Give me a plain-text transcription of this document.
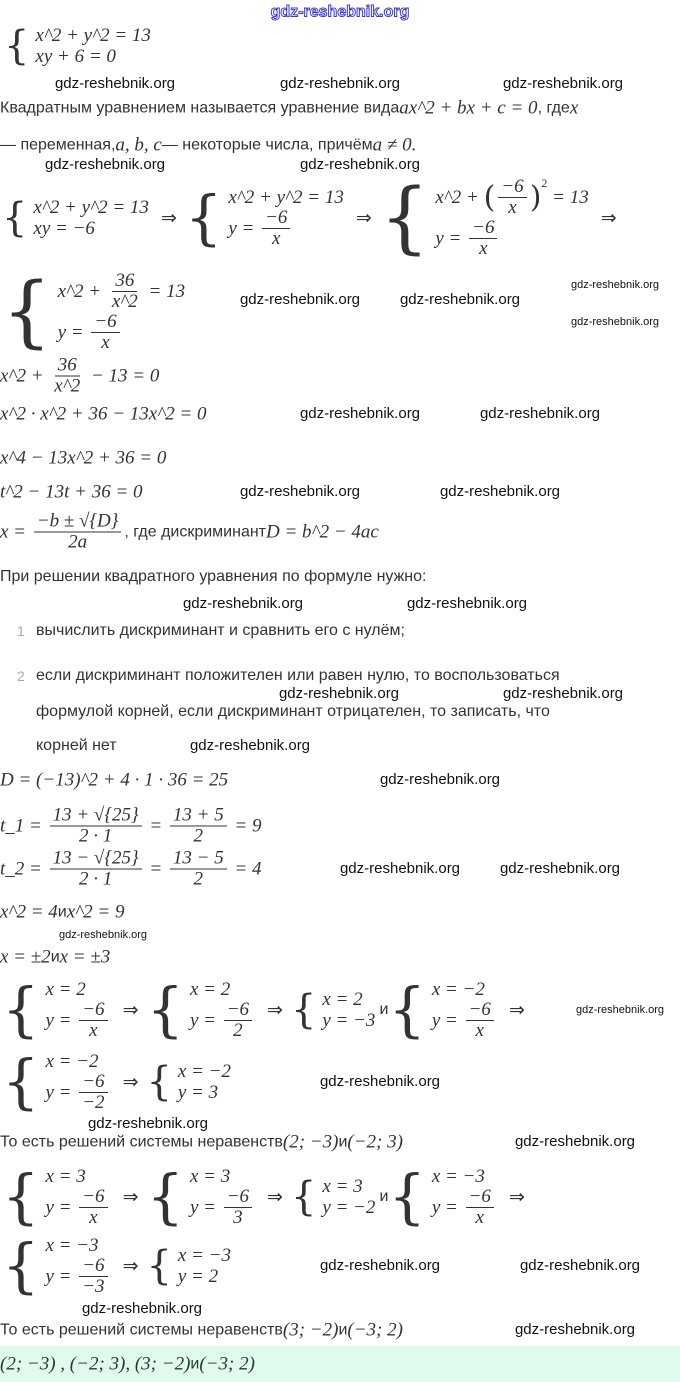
{ x^2 + y^2 = 13
xy + 6 = 0
Квадратным уравнением называется уравнение вида ax^2 + bx + c = 0 , где x
— переменная, a, b, c — некоторые числа, причём a ≠ 0.
{ x^2 + y^2 = 13
xy = −6	⇒ { x^2 + y^2 = 13
$y = \frac{-6}{x}$	⇒ { x^2 + ( $\frac{-6}{x}$ ) 2
= 13
$y = \frac{-6}{x}$	⇒
{ x^2 + $\frac{36}{x\^{}2} = 13$
$y = \frac{-6}{x}$
x^2 + $\frac{36}{x\^{}2} - 13 = 0$
x^2 · x^2 + 36 − 13x^2 = 0
x^4 − 13x^2 + 36 = 0
t^2 − 13t + 36 = 0
$x = \frac{-b \pm √\{D\}}{2a}$ , где дискриминант D = b^2 − 4ac
При решении квадратного уравнения по формуле нужно:
D = (−13)^2 + 4 · 1 · 36 = 25
t_1 = $\frac{13 + √\{25\}}{2 \cdot 1} = \frac{13 + 5}{2} = 9$
t_2 = $\frac{13 - √\{25\}}{2 \cdot 1} = \frac{13 - 5}{2} = 4$
x^2 = 4 и x^2 = 9
x = ±2 и x = ±3
{ x = 2
$y = \frac{-6}{x}$ ⇒ { x = 2
$y = \frac{-6}{2}$ ⇒ { x = 2
y = −3
и { x = −2
$y = \frac{-6}{x}$ ⇒
{ x = −2
$y = \frac{-6}{-2}$ ⇒ { x = −2
y = 3
То есть решений системы неравенств (2; −3) и (−2; 3)
{ x = 3
$y = \frac{-6}{x}$ ⇒ { x = 3
$y = \frac{-6}{3}$ ⇒ { x = 3
y = −2
и { x = −3
$y = \frac{-6}{x}$ ⇒
{ x = −3
$y = \frac{-6}{-3}$ ⇒ { x = −3
y = 2
То есть решений системы неравенств (3; −2) и (−3; 2)
(2; −3) , (−2; 3), (3; −2) и (−3; 2)
1 вычислить дискриминант и сравнить его с нулём;
2 если дискриминант положителен или равен нулю, то воспользоваться
формулой корней, если дискриминант отрицателен, то записать, что
корней нет
gdz-reshebnik.org
gdz-reshebnik.org	gdz-reshebnik.org	gdz-reshebnik.org
gdz-reshebnik.org	gdz-reshebnik.org
gdz-reshebnik.org	gdz-reshebnik.org
gdz-reshebnik.org
gdz-reshebnik.org
gdz-reshebnik.org	gdz-reshebnik.org
gdz-reshebnik.org	gdz-reshebnik.org
gdz-reshebnik.org	gdz-reshebnik.org
gdz-reshebnik.org	gdz-reshebnik.org
gdz-reshebnik.org
gdz-reshebnik.org
gdz-reshebnik.org	gdz-reshebnik.org
gdz-reshebnik.org
gdz-reshebnik.org
gdz-reshebnik.org
gdz-reshebnik.org
gdz-reshebnik.org
gdz-reshebnik.org	gdz-reshebnik.org
gdz-reshebnik.org
gdz-reshebnik.org
